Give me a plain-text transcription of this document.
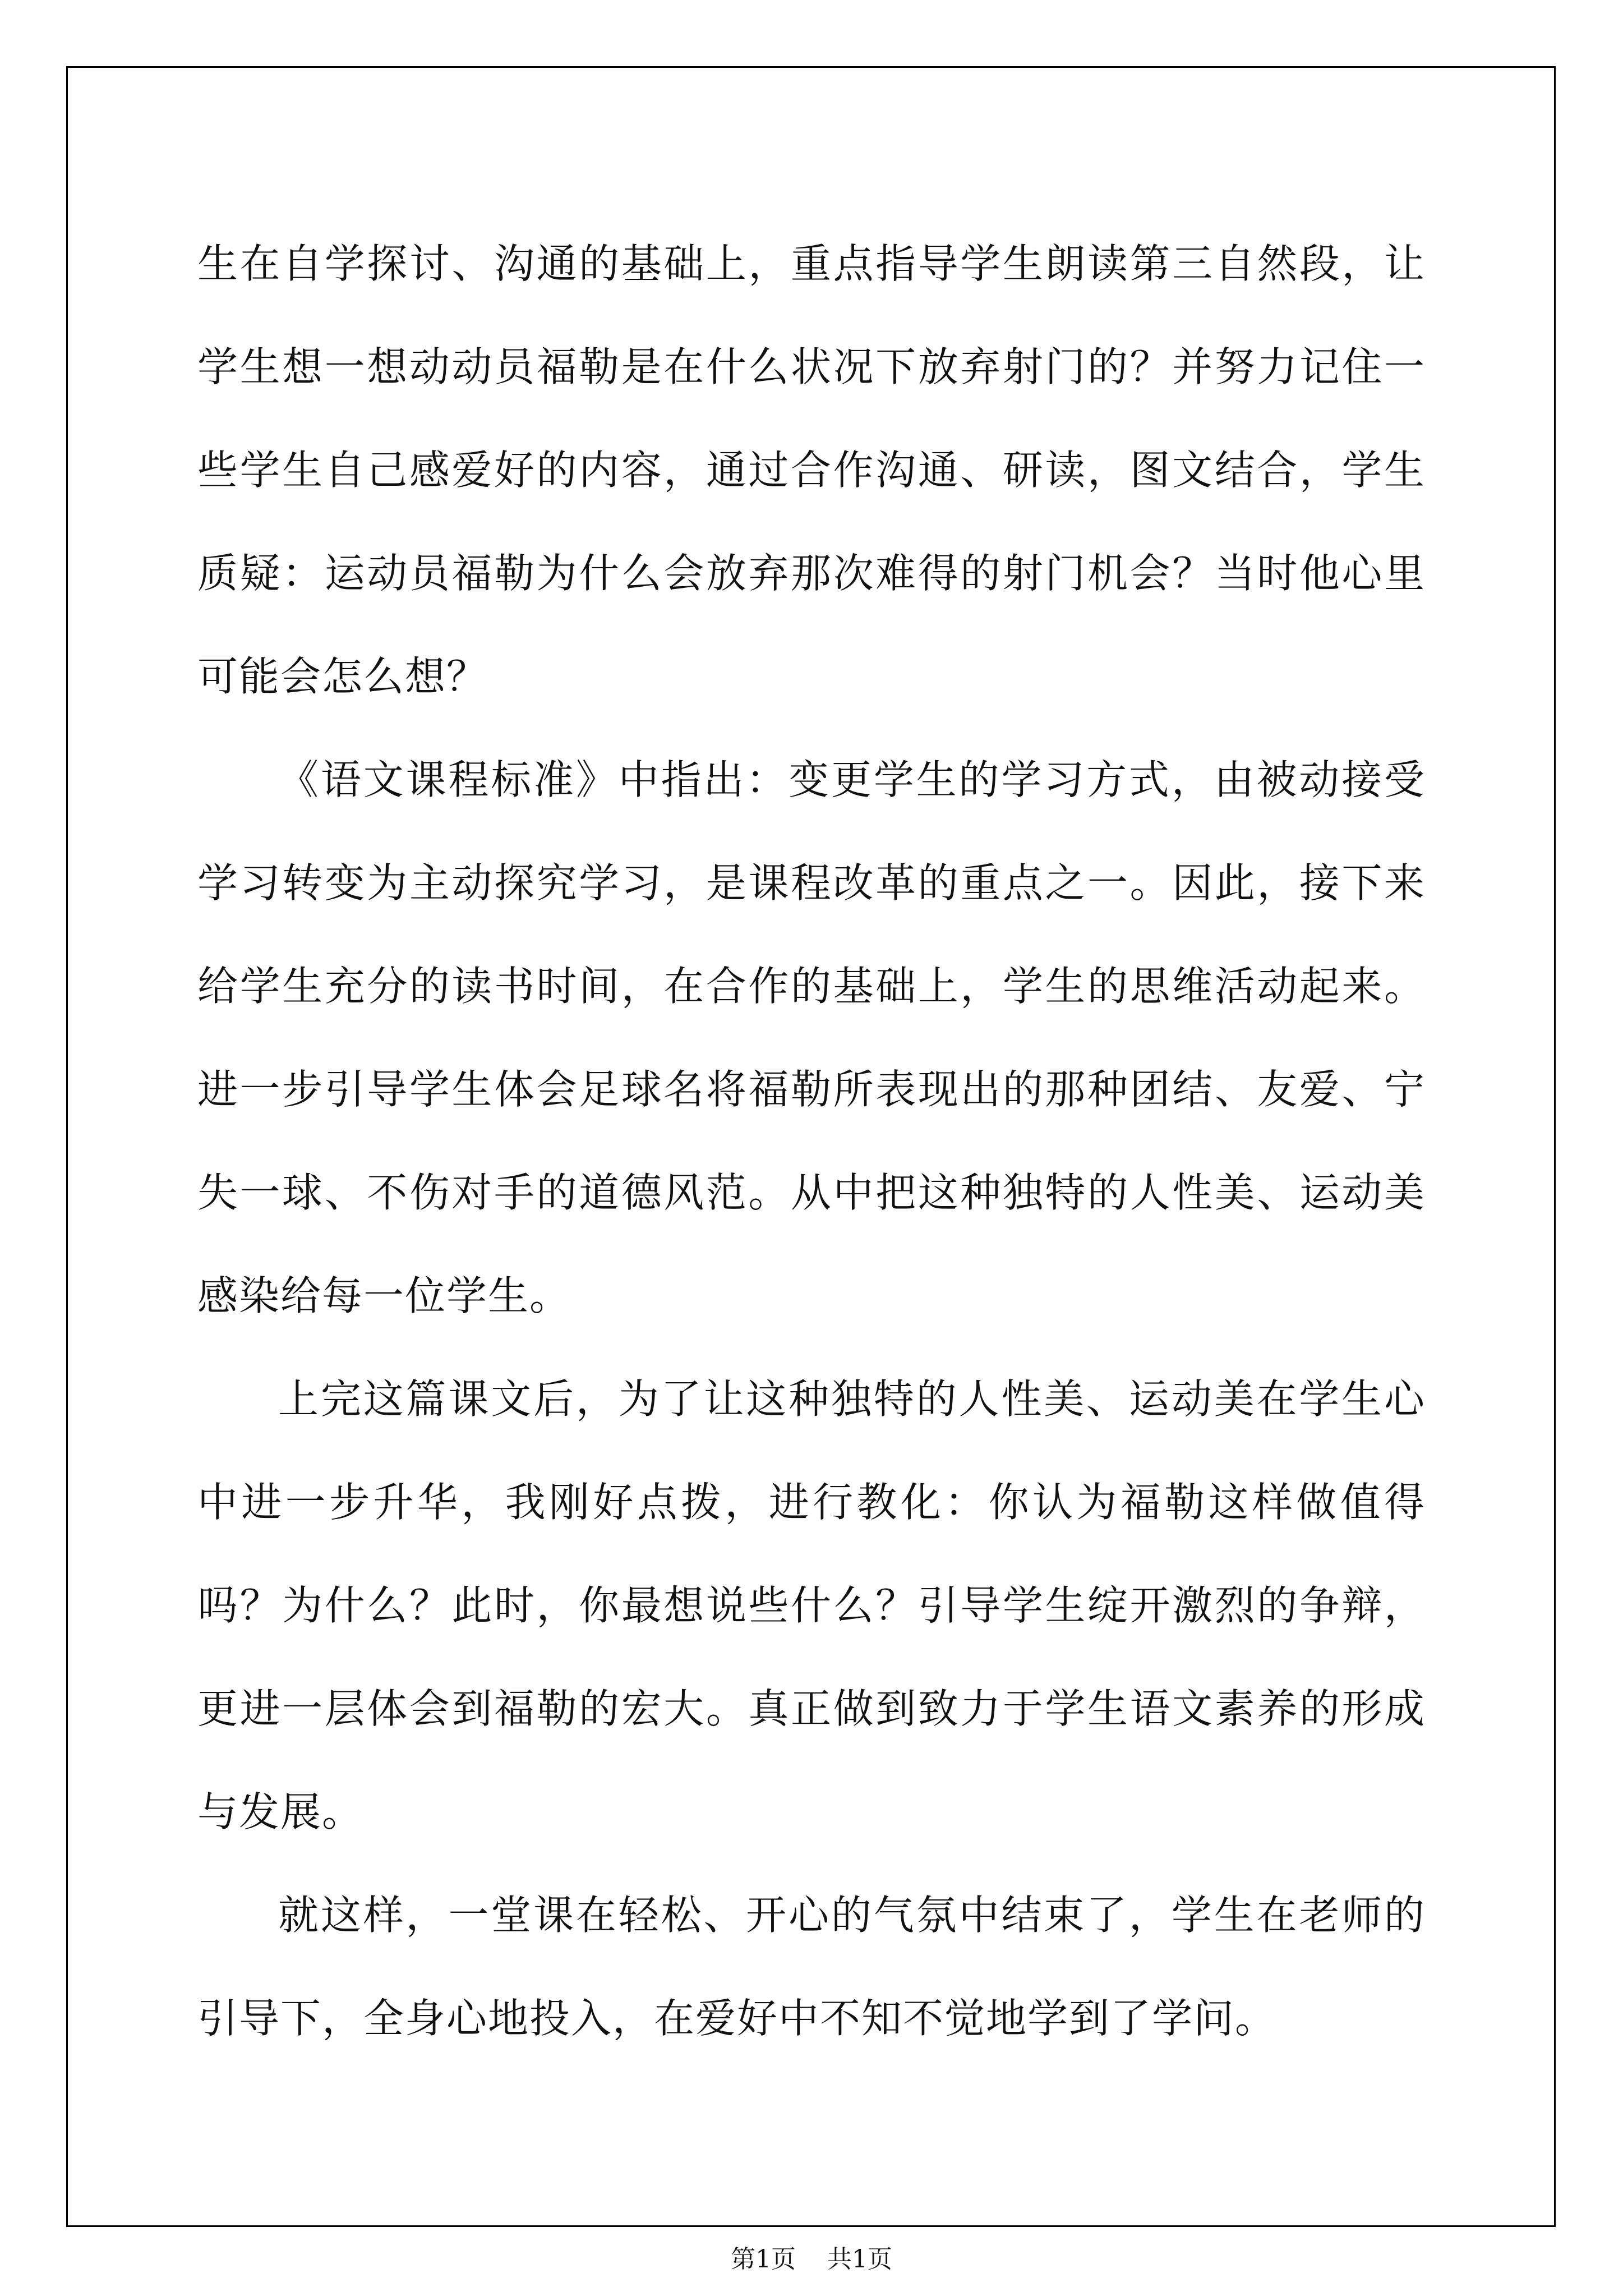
生在自学探讨、沟通的基础上，重点指导学生朗读第三自然段，让学生想一想动动员福勒是在什么状况下放弃射门的？并努力记住一些学生自己感爱好的内容，通过合作沟通、研读，图文结合，学生质疑：运动员福勒为什么会放弃那次难得的射门机会？当时他心里可能会怎么想？

《语文课程标准》中指出：变更学生的学习方式，由被动接受学习转变为主动探究学习，是课程改革的重点之一。因此，接下来给学生充分的读书时间，在合作的基础上，学生的思维活动起来。进一步引导学生体会足球名将福勒所表现出的那种团结、友爱、宁失一球、不伤对手的道德风范。从中把这种独特的人性美、运动美感染给每一位学生。

上完这篇课文后，为了让这种独特的人性美、运动美在学生心中进一步升华，我刚好点拨，进行教化：你认为福勒这样做值得吗？为什么？此时，你最想说些什么？引导学生绽开激烈的争辩，更进一层体会到福勒的宏大。真正做到致力于学生语文素养的形成与发展。

就这样，一堂课在轻松、开心的气氛中结束了，学生在老师的引导下，全身心地投入，在爱好中不知不觉地学到了学问。

第1页 共1页
